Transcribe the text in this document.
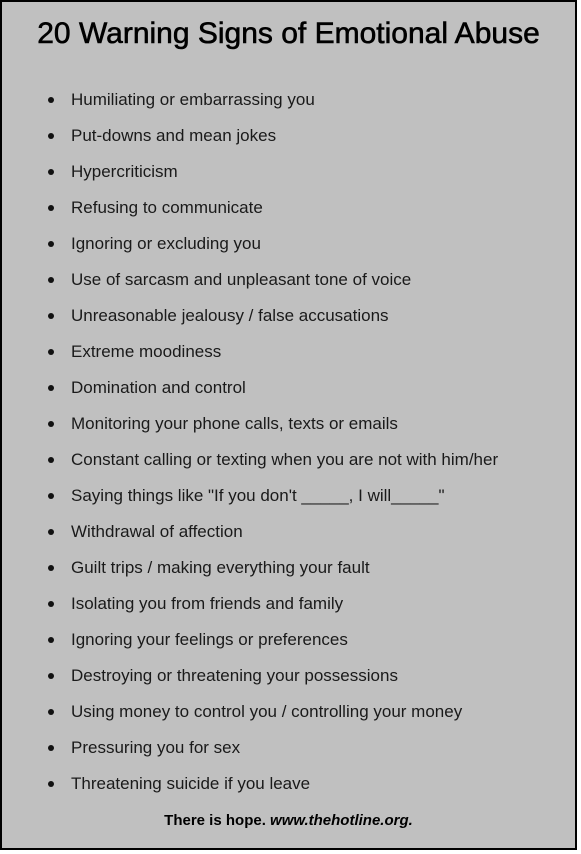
20 Warning Signs of Emotional Abuse
Humiliating or embarrassing you
Put-downs and mean jokes
Hypercriticism
Refusing to communicate
Ignoring or excluding you
Use of sarcasm and unpleasant tone of voice
Unreasonable jealousy / false accusations
Extreme moodiness
Domination and control
Monitoring your phone calls, texts or emails
Constant calling or texting when you are not with him/her
Saying things like "If you don't _____, I will_____"
Withdrawal of affection
Guilt trips / making everything your fault
Isolating you from friends and family
Ignoring your feelings or preferences
Destroying or threatening your possessions
Using money to control you / controlling your money
Pressuring you for sex
Threatening suicide if you leave
There is hope. www.thehotline.org.
